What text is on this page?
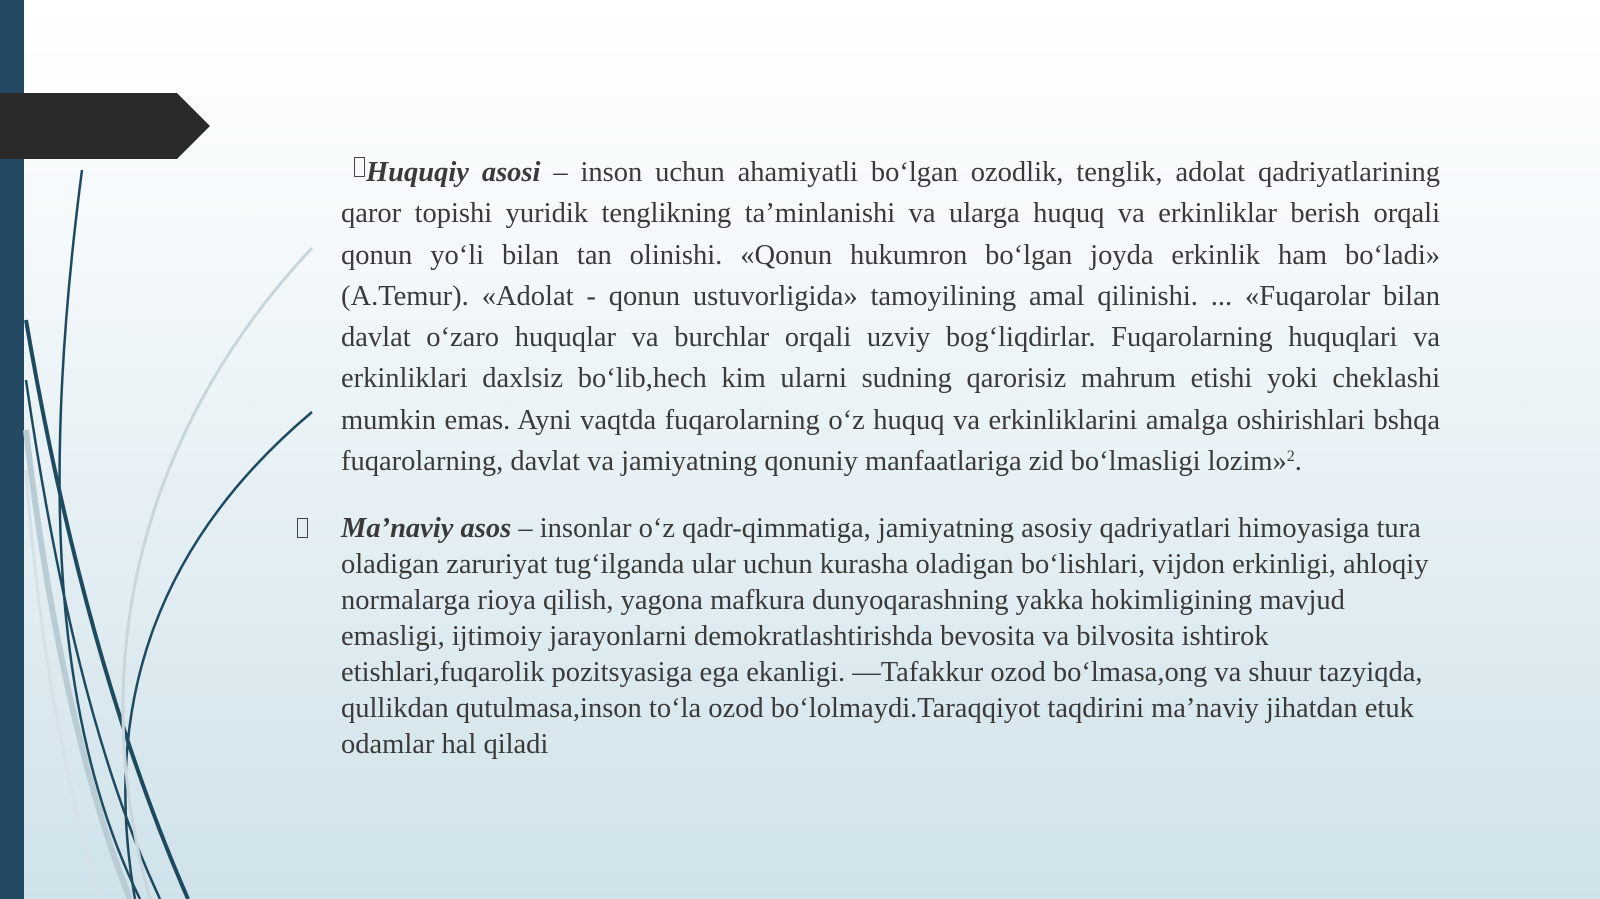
Huquqiy asosi – inson uchun ahamiyatli bo‘lgan ozodlik, tenglik, adolat qadriyatlarining qaror topishi yuridik tenglikning ta’minlanishi va ularga huquq va erkinliklar berish orqali qonun yo‘li bilan tan olinishi. «Qonun hukumron bo‘lgan joyda erkinlik ham bo‘ladi» (A.Temur). «Adolat - qonun ustuvorligida» tamoyilining amal qilinishi. ... «Fuqarolar bilan davlat o‘zaro huquqlar va burchlar orqali uzviy bog‘liqdirlar. Fuqarolarning huquqlari va erkinliklari daxlsiz bo‘lib,hech kim ularni sudning qarorisiz mahrum etishi yoki cheklashi mumkin emas. Ayni vaqtda fuqarolarning o‘z huquq va erkinliklarini amalga oshirishlari bshqa fuqarolarning, davlat va jamiyatning qonuniy manfaatlariga zid bo‘lmasligi lozim»$^2$.
Ma’naviy asos – insonlar o‘z qadr-qimmatiga, jamiyatning asosiy qadriyatlari himoyasiga tura oladigan zaruriyat tug‘ilganda ular uchun kurasha oladigan bo‘lishlari, vijdon erkinligi, ahloqiy normalarga rioya qilish, yagona mafkura dunyoqarashning yakka hokimligining mavjud emasligi, ijtimoiy jarayonlarni demokratlashtirishda bevosita va bilvosita ishtirok etishlari,fuqarolik pozitsyasiga ega ekanligi. —Tafakkur ozod bo‘lmasa,ong va shuur tazyiqda, qullikdan qutulmasa,inson to‘la ozod bo‘lolmaydi.Taraqqiyot taqdirini ma’naviy jihatdan etuk odamlar hal qiladi
